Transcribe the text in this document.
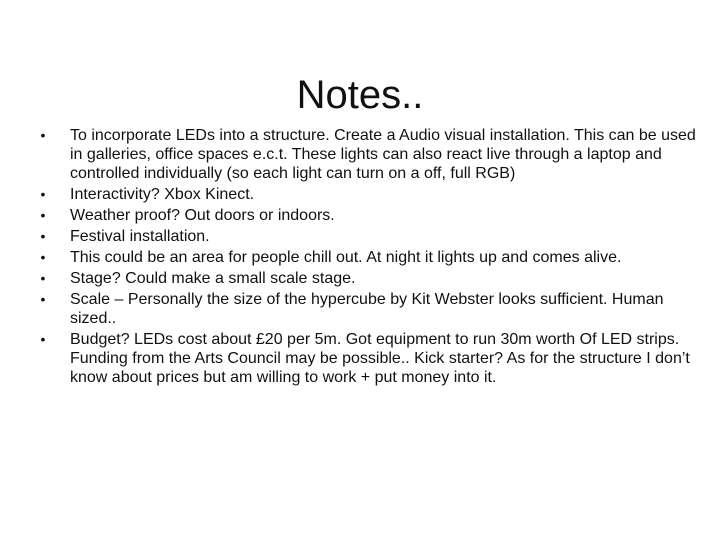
Notes..
• To incorporate LEDs into a structure. Create a Audio visual installation. This can be used in galleries, office spaces e.c.t. These lights can also react live through a laptop and controlled individually (so each light can turn on a off, full RGB)
• Interactivity? Xbox Kinect.
• Weather proof? Out doors or indoors.
• Festival installation.
• This could be an area for people chill out. At night it lights up and comes alive.
• Stage? Could make a small scale stage.
• Scale – Personally the size of the hypercube by Kit Webster looks sufficient. Human sized..
• Budget? LEDs cost about £20 per 5m. Got equipment to run 30m worth Of LED strips. Funding from the Arts Council may be possible.. Kick starter? As for the structure I don’t know about prices but am willing to work + put money into it.
